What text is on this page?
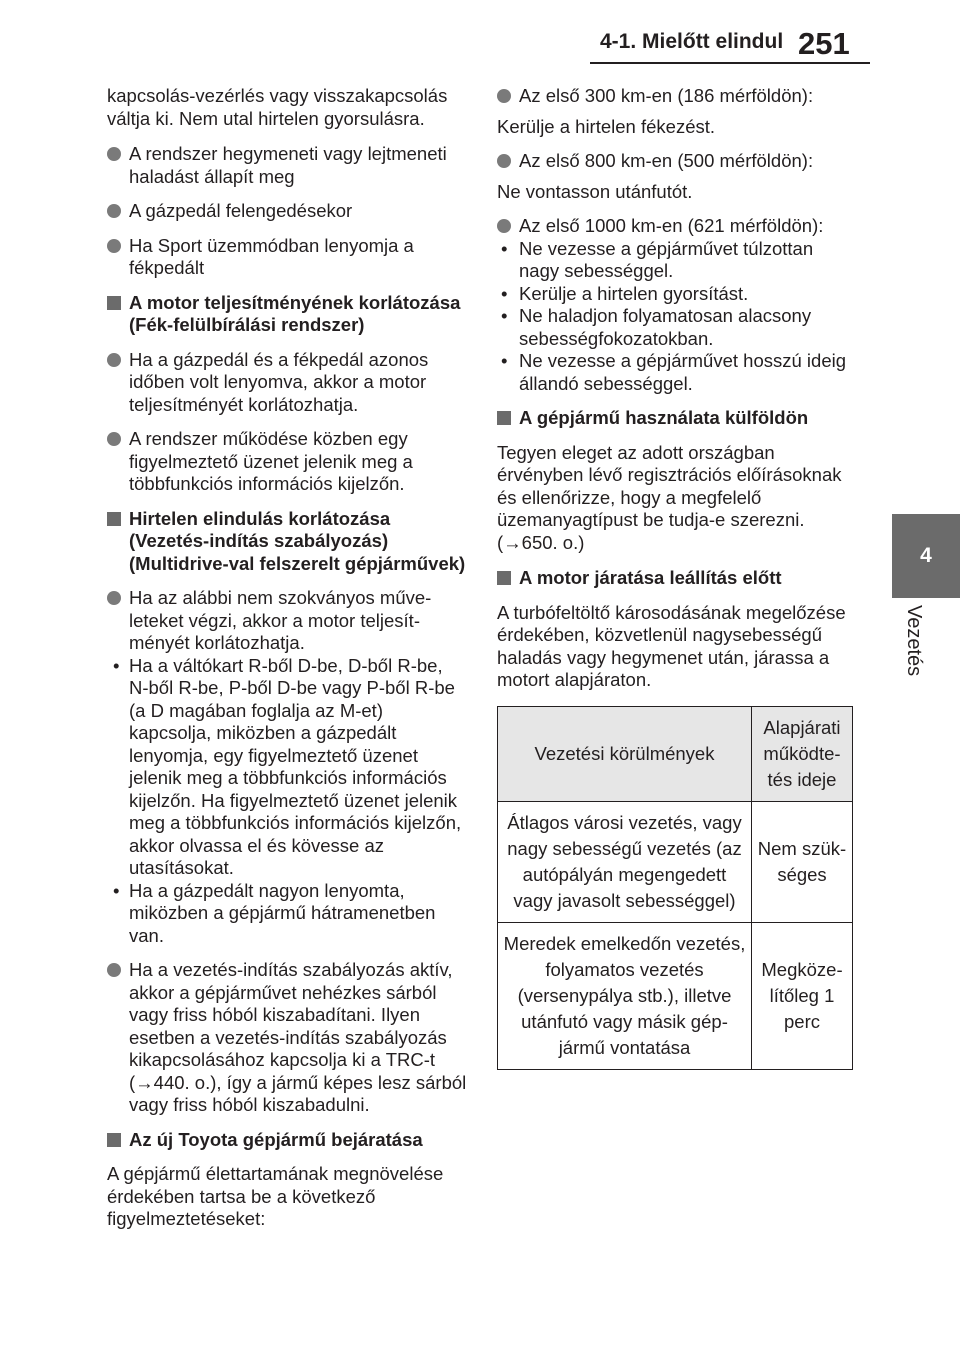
4-1. Mielőtt elindul 251
4
Vezetés

kapcsolás-vezérlés vagy visszakapcsolás váltja ki. Nem utal hirtelen gyorsulásra.

A rendszer hegymeneti vagy lejtmeneti haladást állapít meg
A gázpedál felengedésekor
Ha Sport üzemmódban lenyomja a fékpedált
A motor teljesítményének korlátozása (Fék-felülbírálási rendszer)
Ha a gázpedál és a fékpedál azonos időben volt lenyomva, akkor a motor teljesítményét korlátozhatja.
A rendszer működése közben egy figyelmeztető üzenet jelenik meg a többfunkciós információs kijelzőn.
Hirtelen elindulás korlátozása (Vezetés-indítás szabályozás) (Multidrive-val felszerelt gépjárművek)
Ha az alábbi nem szokványos műveleteket végzi, akkor a motor teljesítményét korlátozhatja.
• Ha a váltókart R-ből D-be, D-ből R-be, N-ből R-be, P-ből D-be vagy P-ből R-be (a D magában foglalja az M-et) kapcsolja, miközben a gázpedált lenyomja, egy figyelmeztető üzenet jelenik meg a többfunkciós információs kijelzőn. Ha figyelmeztető üzenet jelenik meg a többfunkciós információs kijelzőn, akkor olvassa el és kövesse az utasításokat.
• Ha a gázpedált nagyon lenyomta, miközben a gépjármű hátramenetben van.
Ha a vezetés-indítás szabályozás aktív, akkor a gépjárművet nehézkes sárból vagy friss hóból kiszabadítani. Ilyen esetben a vezetés-indítás szabályozás kikapcsolásához kapcsolja ki a TRC-t (→440. o.), így a jármű képes lesz sárból vagy friss hóból kiszabadulni.
Az új Toyota gépjármű bejáratása

A gépjármű élettartamának megnövelése érdekében tartsa be a következő figyelmeztetéseket:

Az első 300 km-en (186 mérföldön):

Kerülje a hirtelen fékezést.

Az első 800 km-en (500 mérföldön):

Ne vontasson utánfutót.

Az első 1000 km-en (621 mérföldön):
• Ne vezesse a gépjárművet túlzottan nagy sebességgel.
• Kerülje a hirtelen gyorsítást.
• Ne haladjon folyamatosan alacsony sebességfokozatokban.
• Ne vezesse a gépjárművet hosszú ideig állandó sebességgel.
A gépjármű használata külföldön

Tegyen eleget az adott országban érvényben lévő regisztrációs előírásoknak és ellenőrizze, hogy a megfelelő üzemanyagtípust be tudja-e szerezni. (→650. o.)

A motor járatása leállítás előtt

A turbófeltöltő károsodásának megelőzése érdekében, közvetlenül nagysebességű haladás vagy hegymenet után, járassa a motort alapjáraton.

Vezetési körülmények	Alapjárati működtetés ideje
Átlagos városi vezetés, vagy nagy sebességű vezetés (az autópályán megengedett vagy javasolt sebességgel)	Nem szükséges
Meredek emelkedőn vezetés, folyamatos vezetés (versenypálya stb.), illetve utánfutó vagy másik gépjármű vontatása	Megközelítőleg 1 perc
